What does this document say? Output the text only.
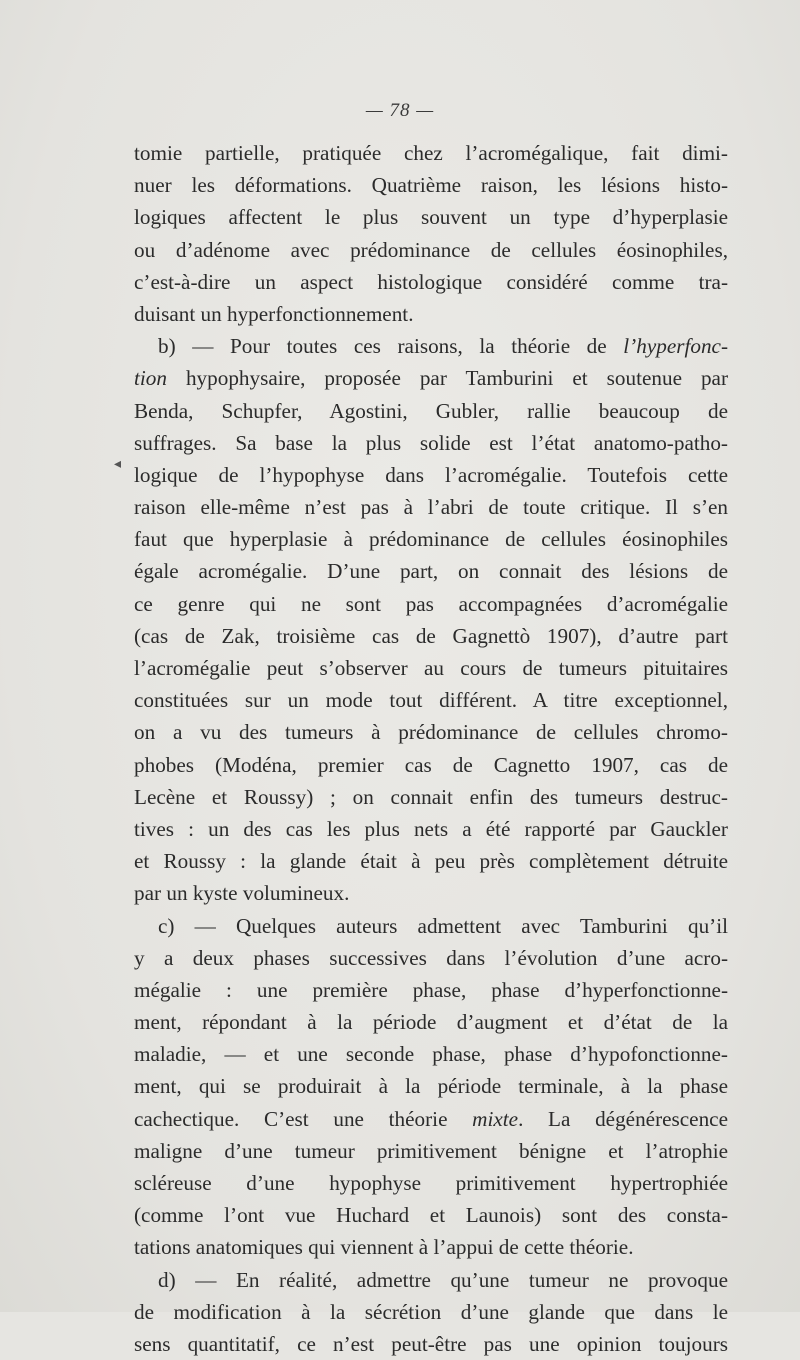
— 78 —
◂
tomie partielle, pratiquée chez l’acromégalique, fait dimi-
nuer les déformations. Quatrième raison, les lésions histo-
logiques affectent le plus souvent un type d’hyperplasie
ou d’adénome avec prédominance de cellules éosinophiles,
c’est-à-dire un aspect histologique considéré comme tra-
duisant un hyperfonctionnement.
b) — Pour toutes ces raisons, la théorie de l’hyperfonc-
tion hypophysaire, proposée par Tamburini et soutenue par
Benda, Schupfer, Agostini, Gubler, rallie beaucoup de
suffrages. Sa base la plus solide est l’état anatomo-patho-
logique de l’hypophyse dans l’acromégalie. Toutefois cette
raison elle-même n’est pas à l’abri de toute critique. Il s’en
faut que hyperplasie à prédominance de cellules éosinophiles
égale acromégalie. D’une part, on connait des lésions de
ce genre qui ne sont pas accompagnées d’acromégalie
(cas de Zak, troisième cas de Gagnettò 1907), d’autre part
l’acromégalie peut s’observer au cours de tumeurs pituitaires
constituées sur un mode tout différent. A titre exceptionnel,
on a vu des tumeurs à prédominance de cellules chromo-
phobes (Modéna, premier cas de Cagnetto 1907, cas de
Lecène et Roussy) ; on connait enfin des tumeurs destruc-
tives : un des cas les plus nets a été rapporté par Gauckler
et Roussy : la glande était à peu près complètement détruite
par un kyste volumineux.
c) — Quelques auteurs admettent avec Tamburini qu’il
y a deux phases successives dans l’évolution d’une acro-
mégalie : une première phase, phase d’hyperfonctionne-
ment, répondant à la période d’augment et d’état de la
maladie, — et une seconde phase, phase d’hypofonctionne-
ment, qui se produirait à la période terminale, à la phase
cachectique. C’est une théorie mixte. La dégénérescence
maligne d’une tumeur primitivement bénigne et l’atrophie
scléreuse d’une hypophyse primitivement hypertrophiée
(comme l’ont vue Huchard et Launois) sont des consta-
tations anatomiques qui viennent à l’appui de cette théorie.
d) — En réalité, admettre qu’une tumeur ne provoque
de modification à la sécrétion d’une glande que dans le
sens quantitatif, ce n’est peut-être pas une opinion toujours
